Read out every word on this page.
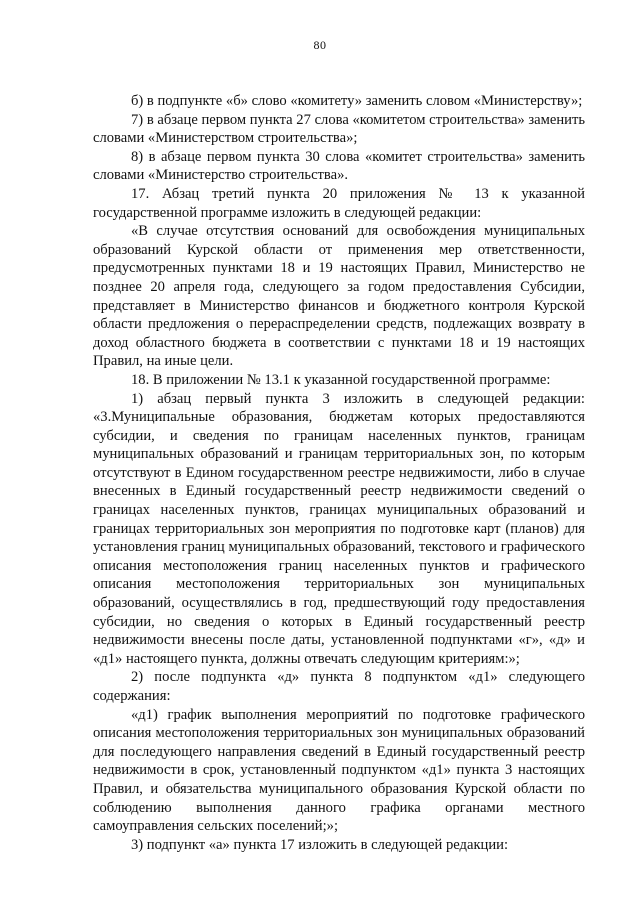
80

б) в подпункте «б» слово «комитету» заменить словом «Министерству»;

7) в абзаце первом пункта 27 слова «комитетом строительства» заменить словами «Министерством строительства»;

8) в абзаце первом пункта 30 слова «комитет строительства» заменить словами «Министерство строительства».

17. Абзац третий пункта 20 приложения № 13 к указанной государственной программе изложить в следующей редакции:

«В случае отсутствия оснований для освобождения муниципальных образований Курской области от применения мер ответственности, предусмотренных пунктами 18 и 19 настоящих Правил, Министерство не позднее 20 апреля года, следующего за годом предоставления Субсидии, представляет в Министерство финансов и бюджетного контроля Курской области предложения о перераспределении средств, подлежащих возврату в доход областного бюджета в соответствии с пунктами 18 и 19 настоящих Правил, на иные цели.

18. В приложении № 13.1 к указанной государственной программе:

1) абзац первый пункта 3 изложить в следующей редакции: «3.Муниципальные образования, бюджетам которых предоставляются субсидии, и сведения по границам населенных пунктов, границам муниципальных образований и границам территориальных зон, по которым отсутствуют в Едином государственном реестре недвижимости, либо в случае внесенных в Единый государственный реестр недвижимости сведений о границах населенных пунктов, границах муниципальных образований и границах территориальных зон мероприятия по подготовке карт (планов) для установления границ муниципальных образований, текстового и графического описания местоположения границ населенных пунктов и графического описания местоположения территориальных зон муниципальных образований, осуществлялись в год, предшествующий году предоставления субсидии, но сведения о которых в Единый государственный реестр недвижимости внесены после даты, установленной подпунктами «г», «д» и «д1» настоящего пункта, должны отвечать следующим критериям:»;

2) после подпункта «д» пункта 8 подпунктом «д1» следующего содержания:

«д1) график выполнения мероприятий по подготовке графического описания местоположения территориальных зон муниципальных образований для последующего направления сведений в Единый государственный реестр недвижимости в срок, установленный подпунктом «д1» пункта 3 настоящих Правил, и обязательства муниципального образования Курской области по соблюдению выполнения данного графика органами местного самоуправления сельских поселений;»;

3) подпункт «а» пункта 17 изложить в следующей редакции:
